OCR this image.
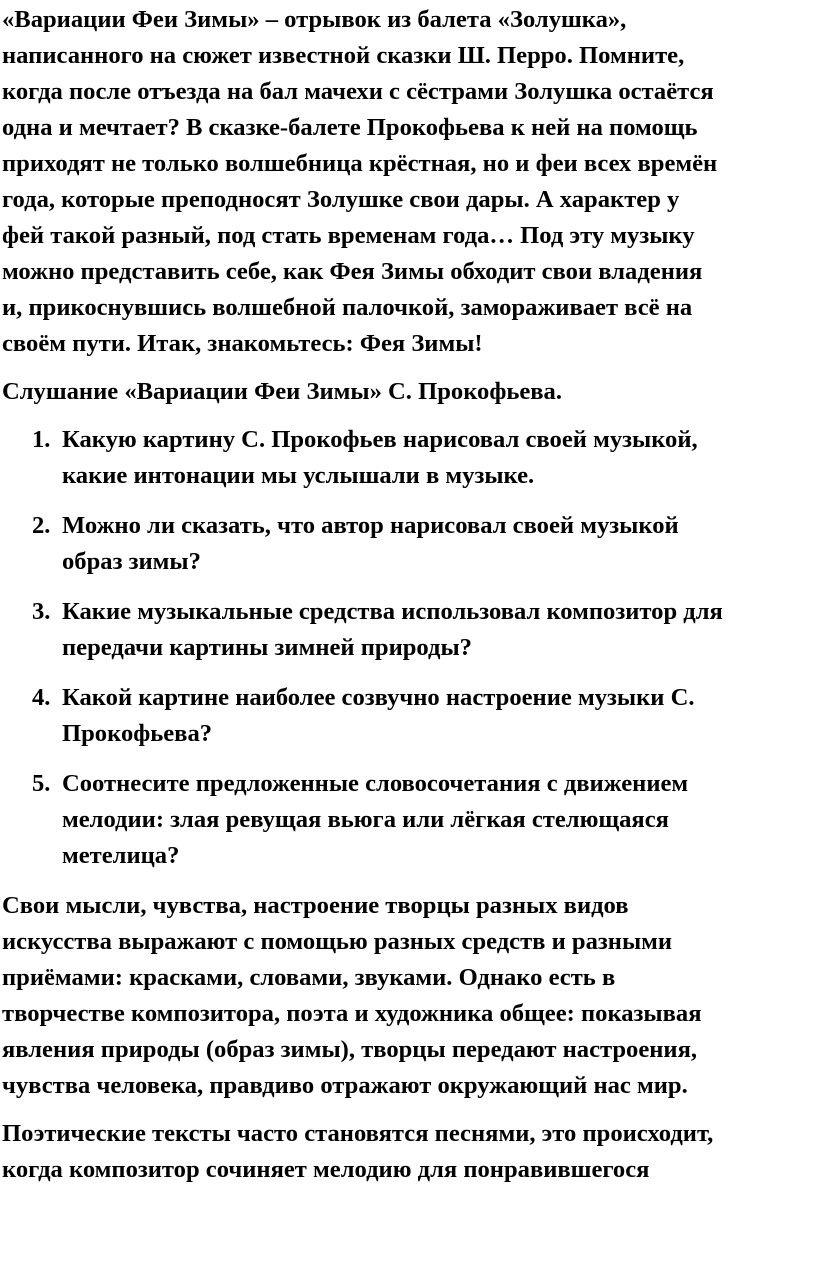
«Вариации Феи Зимы» – отрывок из балета «Золушка»,
написанного на сюжет известной сказки Ш. Перро. Помните,
когда после отъезда на бал мачехи с сёстрами Золушка остаётся
одна и мечтает? В сказке-балете Прокофьева к ней на помощь
приходят не только волшебница крёстная, но и феи всех времён
года, которые преподносят Золушке свои дары. А характер у
фей такой разный, под стать временам года… Под эту музыку
можно представить себе, как Фея Зимы обходит свои владения
и, прикоснувшись волшебной палочкой, замораживает всё на
своём пути. Итак, знакомьтесь: Фея Зимы!

Слушание «Вариации Феи Зимы» С. Прокофьева.

1. Какую картину С. Прокофьев нарисовал своей музыкой,
какие интонации мы услышали в музыке.
2. Можно ли сказать, что автор нарисовал своей музыкой
образ зимы?
3. Какие музыкальные средства использовал композитор для
передачи картины зимней природы?
4. Какой картине наиболее созвучно настроение музыки С.
Прокофьева?
5. Соотнесите предложенные словосочетания с движением
мелодии: злая ревущая вьюга или лёгкая стелющаяся
метелица?

Свои мысли, чувства, настроение творцы разных видов
искусства выражают с помощью разных средств и разными
приёмами: красками, словами, звуками. Однако есть в
творчестве композитора, поэта и художника общее: показывая
явления природы (образ зимы), творцы передают настроения,
чувства человека, правдиво отражают окружающий нас мир.

Поэтические тексты часто становятся песнями, это происходит,
когда композитор сочиняет мелодию для понравившегося
